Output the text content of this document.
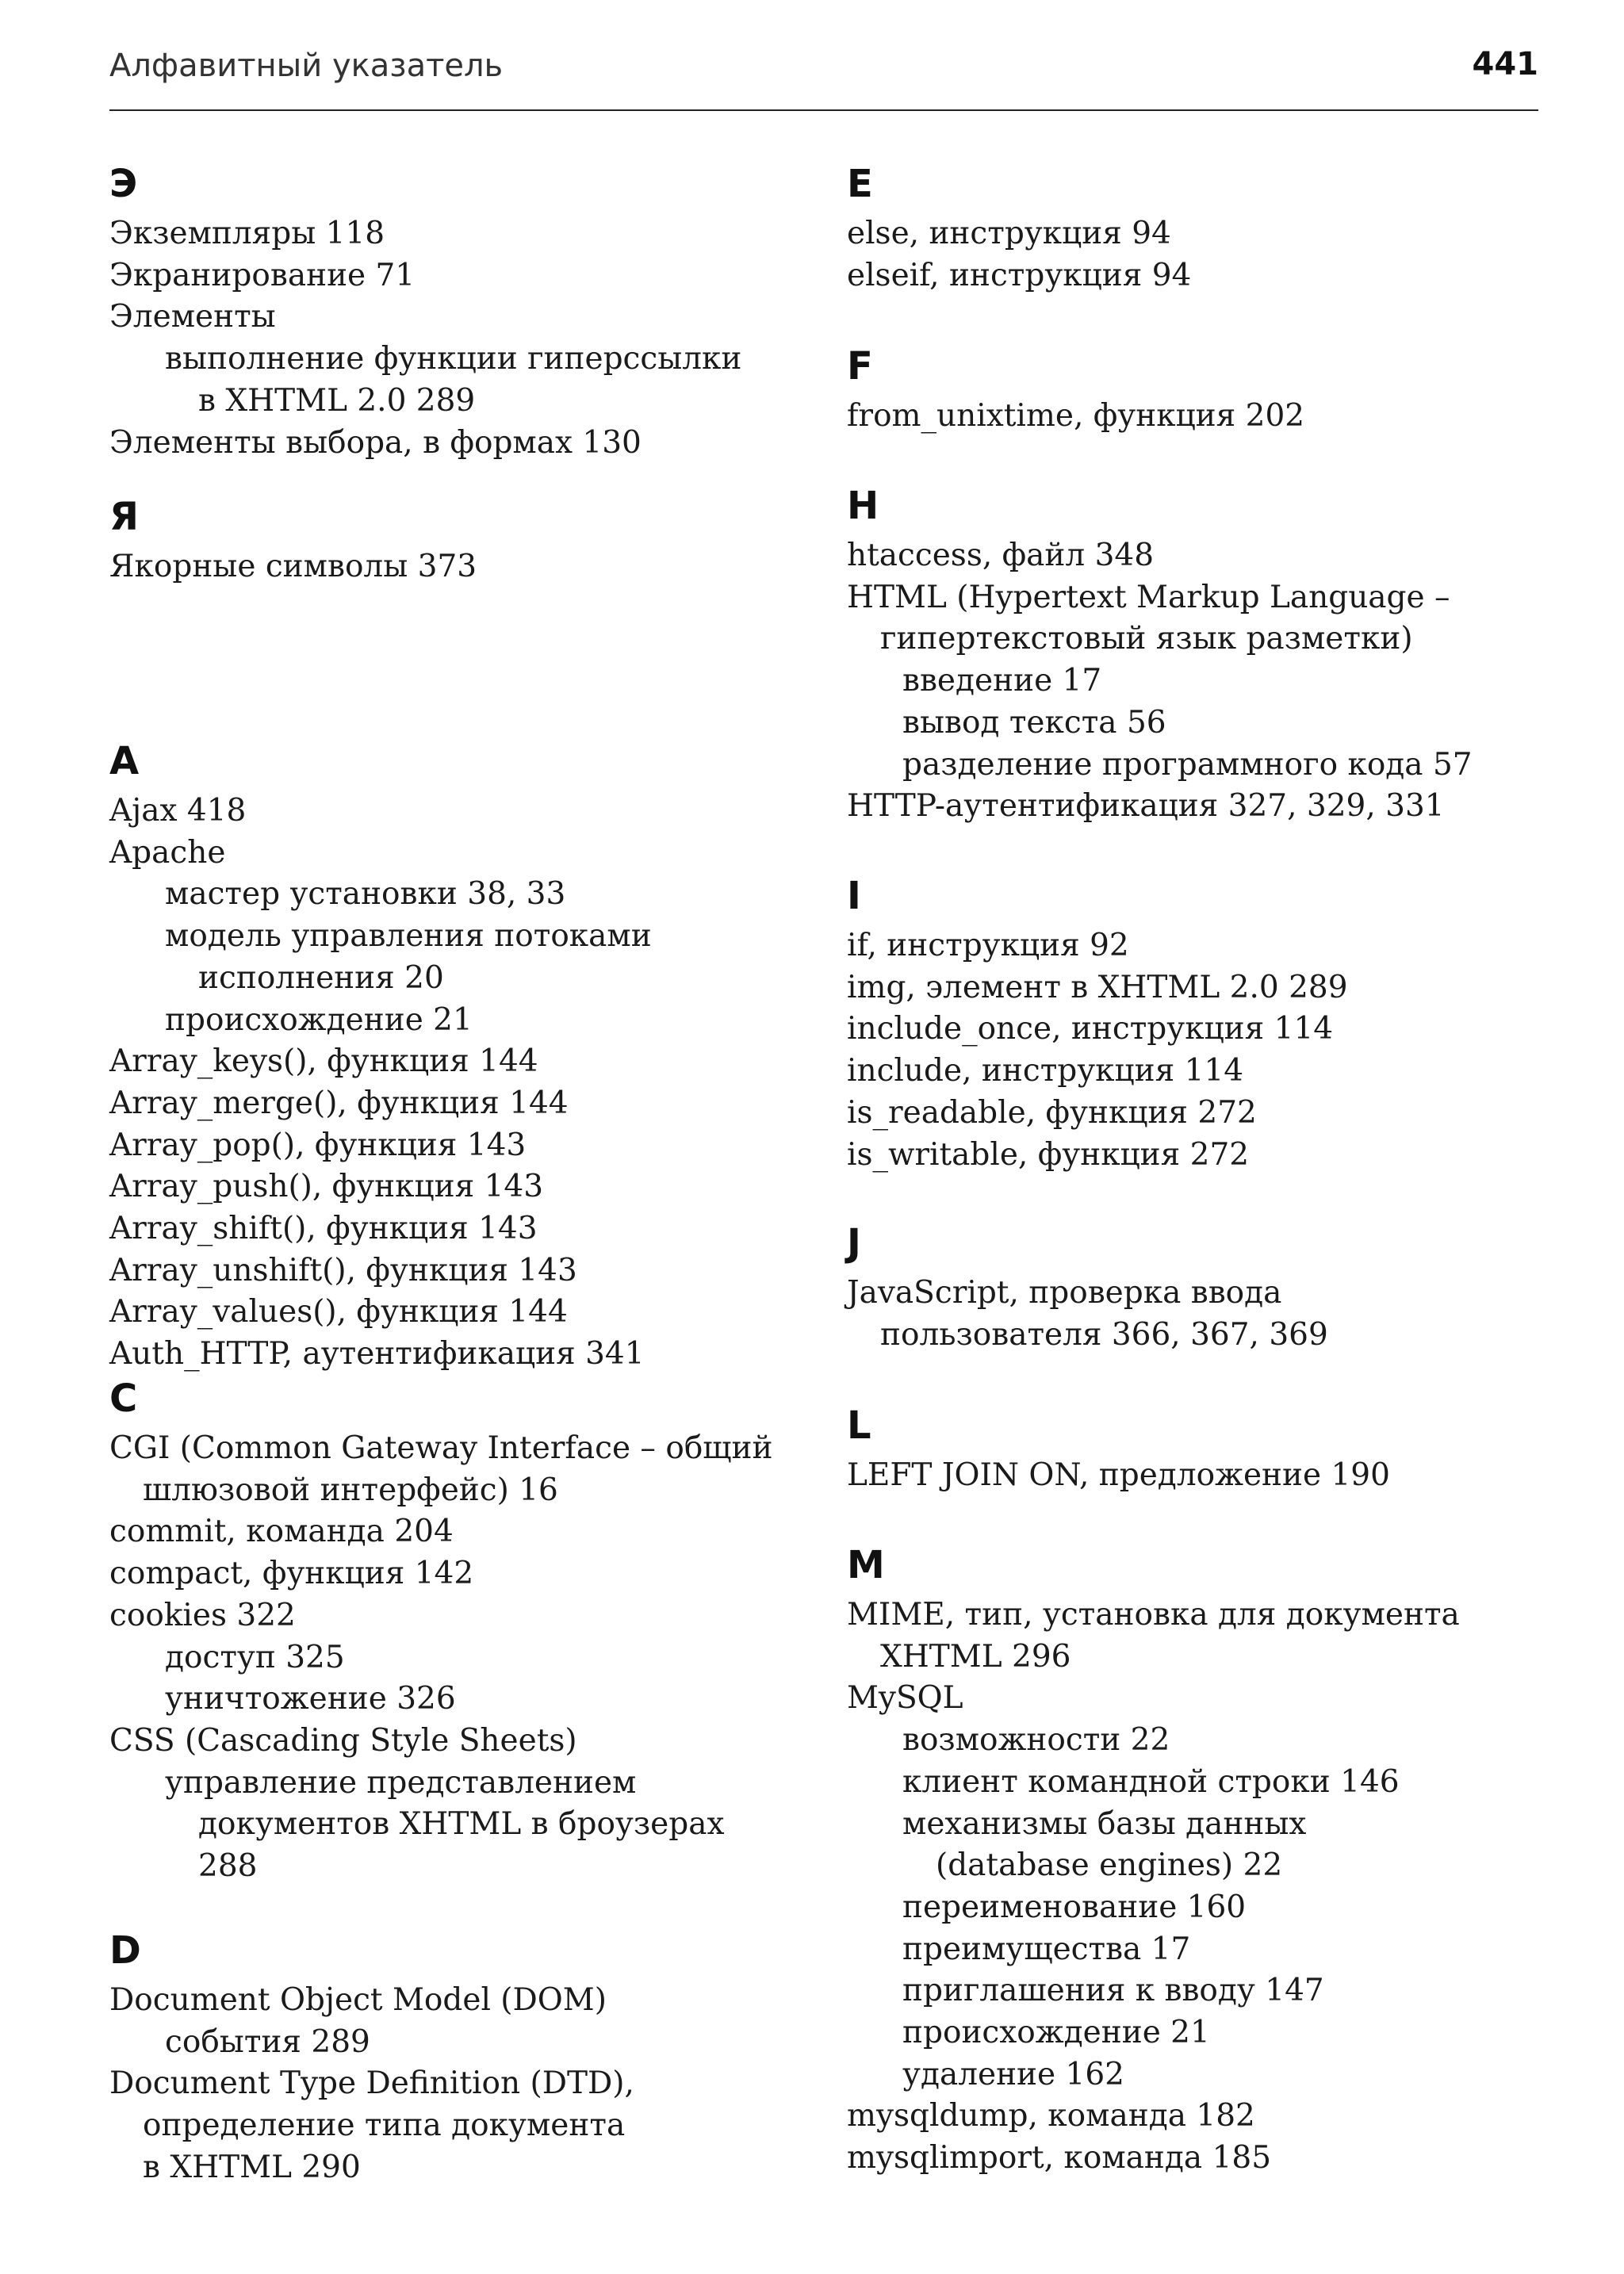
Алфавитный указатель	441
Э
Экземпляры 118
Экранирование 71
Элементы
выполнение функции гиперссылки
в XHTML 2.0 289
Элементы выбора, в формах 130
Я
Якорные символы 373
A
Ajax 418
Apache
мастер установки 38, 33
модель управления потоками
исполнения 20
происхождение 21
Array_keys(), функция 144
Array_merge(), функция 144
Array_pop(), функция 143
Array_push(), функция 143
Array_shift(), функция 143
Array_unshift(), функция 143
Array_values(), функция 144
Auth_HTTP, аутентификация 341
C
CGI (Common Gateway Interface – общий
шлюзовой интерфейс) 16
commit, команда 204
compact, функция 142
cookies 322
доступ 325
уничтожение 326
CSS (Cascading Style Sheets)
управление представлением
документов XHTML в броузерах
288
D
Document Object Model (DOM)
события 289
Document Type Definition (DTD),
определение типа документа
в XHTML 290
E
else, инструкция 94
elseif, инструкция 94
F
from_unixtime, функция 202
H
htaccess, файл 348
HTML (Hypertext Markup Language –
гипертекстовый язык разметки)
введение 17
вывод текста 56
разделение программного кода 57
HTTP-аутентификация 327, 329, 331
I
if, инструкция 92
img, элемент в XHTML 2.0 289
include_once, инструкция 114
include, инструкция 114
is_readable, функция 272
is_writable, функция 272
J
JavaScript, проверка ввода
пользователя 366, 367, 369
L
LEFT JOIN ON, предложение 190
M
MIME, тип, установка для документа
XHTML 296
MySQL
возможности 22
клиент командной строки 146
механизмы базы данных
(database engines) 22
переименование 160
преимущества 17
приглашения к вводу 147
происхождение 21
удаление 162
mysqldump, команда 182
mysqlimport, команда 185
